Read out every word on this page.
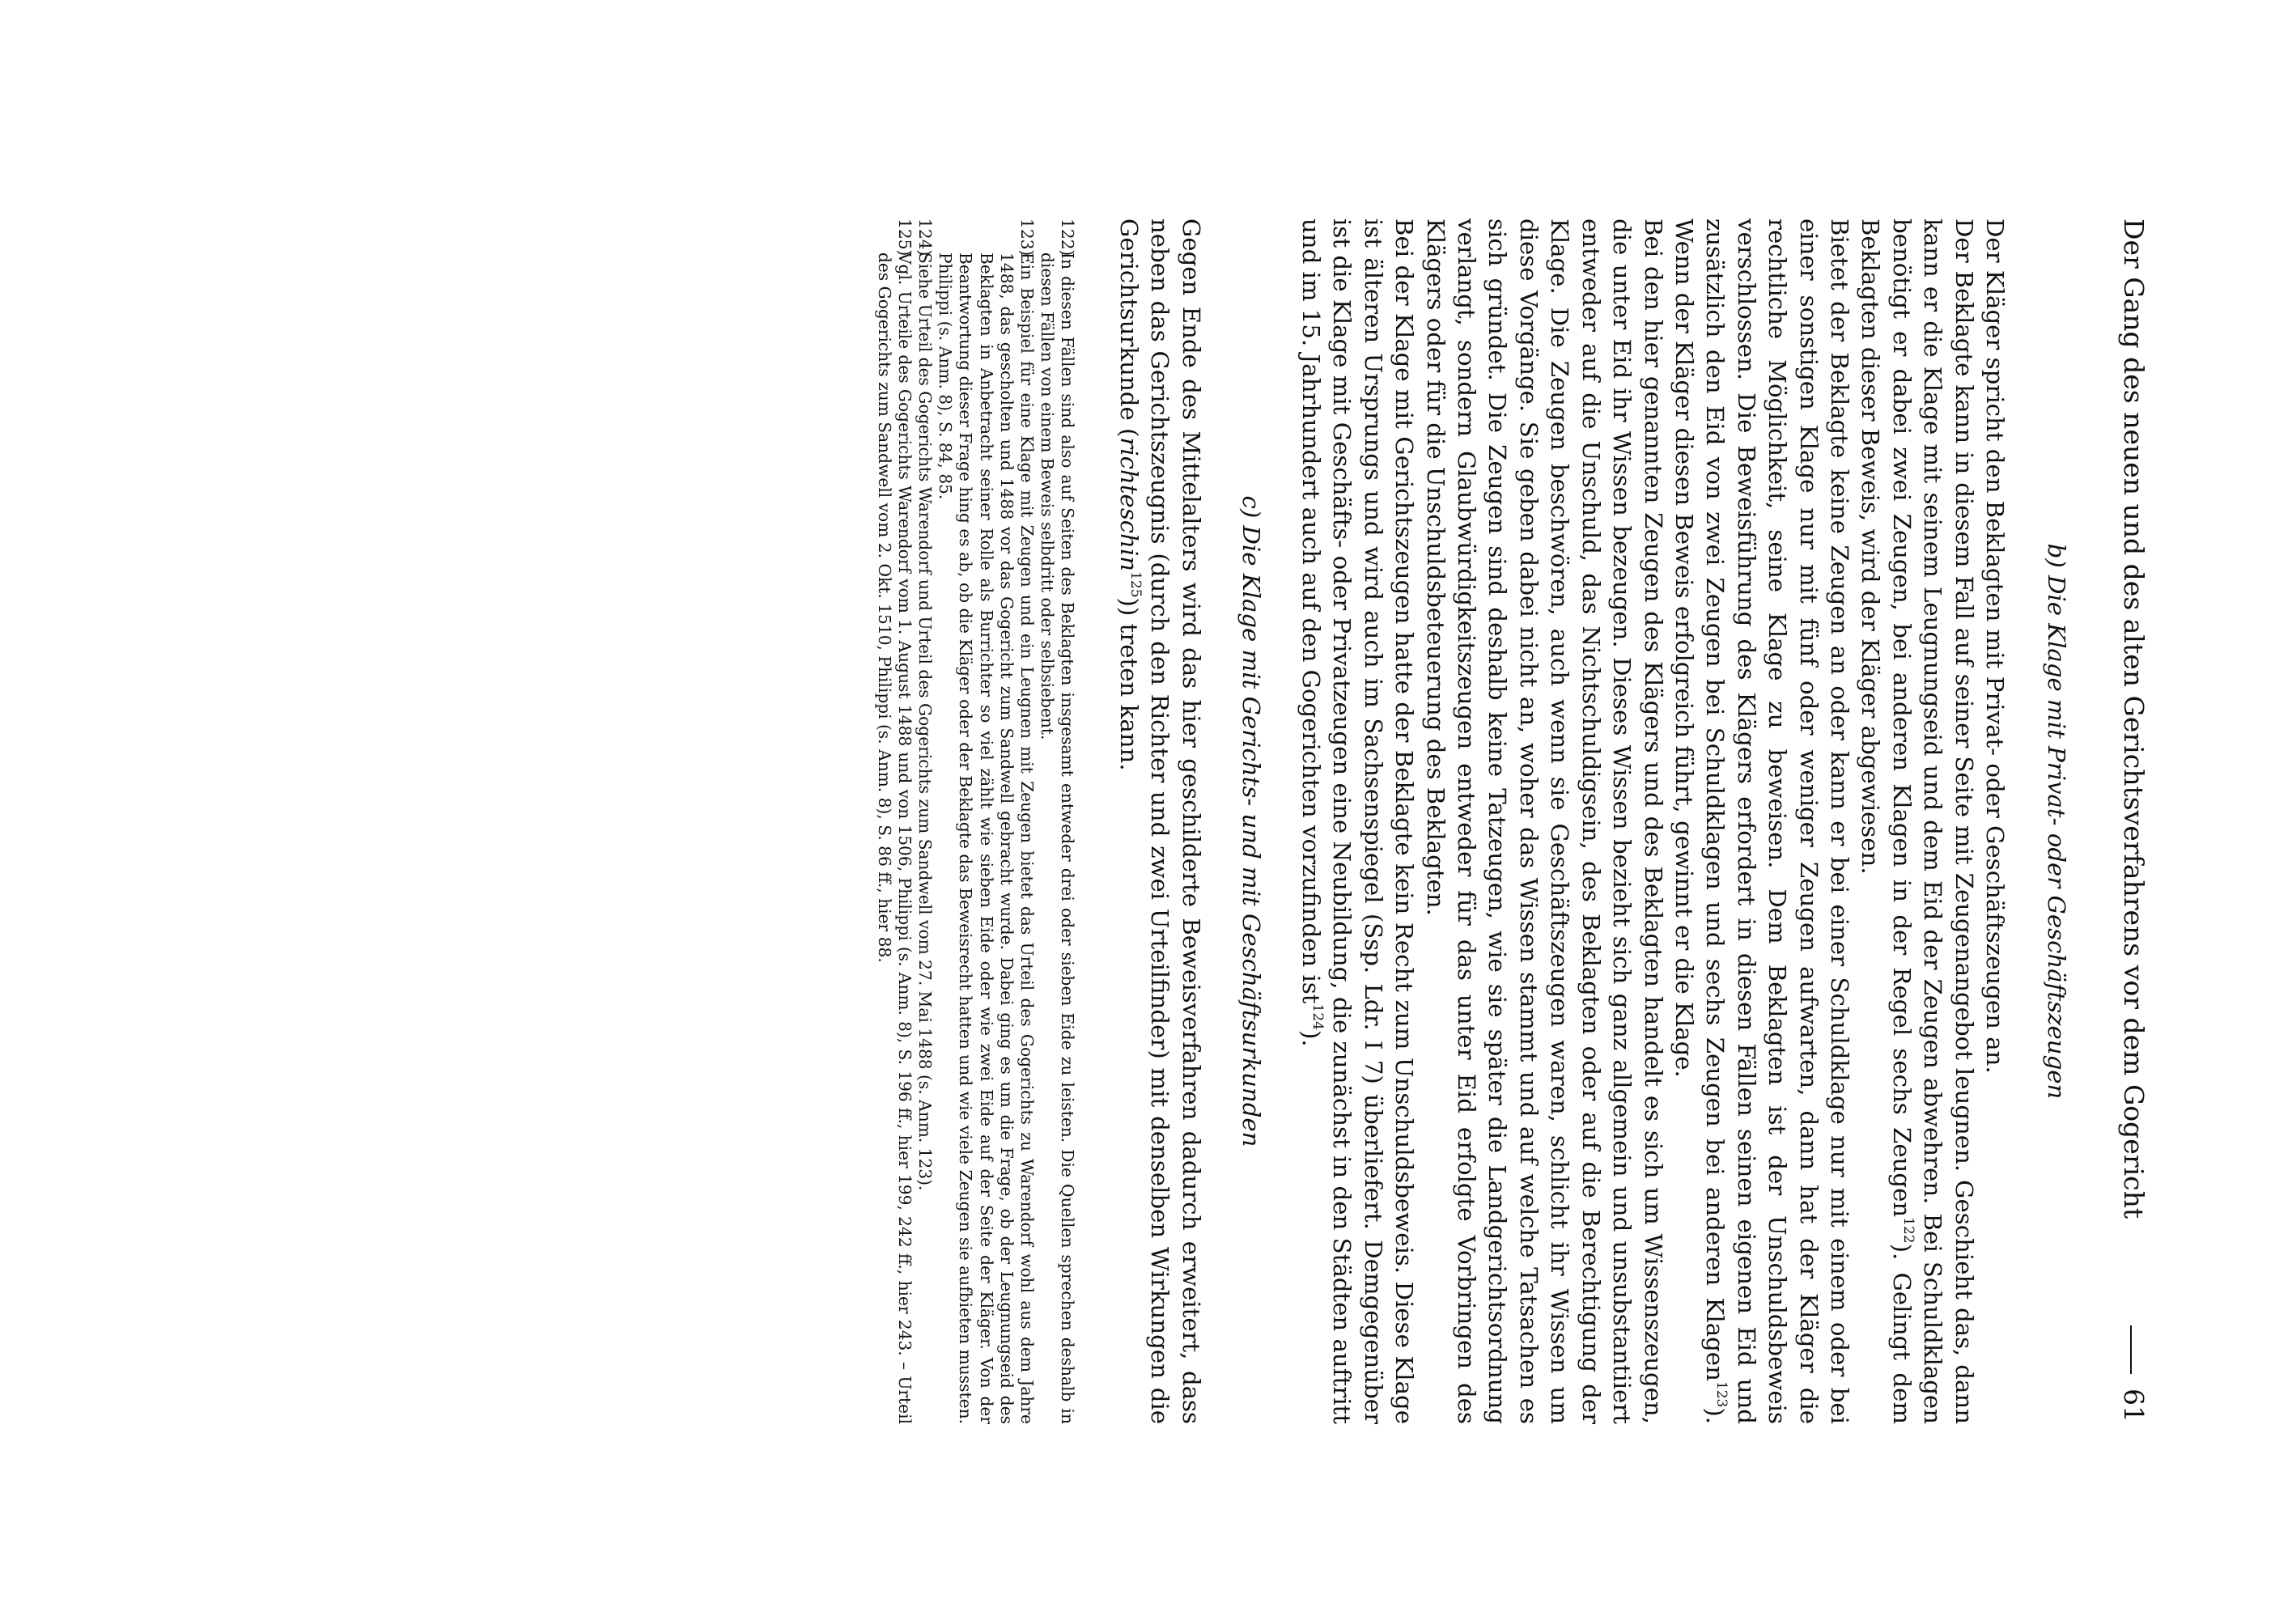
Der Gang des neuen und des alten Gerichtsverfahrens vor dem Gogericht
61

b) Die Klage mit Privat- oder Geschäftszeugen

Der Kläger spricht den Beklagten mit Privat- oder Geschäftszeugen an.

Der Beklagte kann in diesem Fall auf seiner Seite mit Zeugenangebot leugnen. Geschieht das, dann kann er die Klage mit seinem Leugnungseid und dem Eid der Zeugen abwehren. Bei Schuldklagen benötigt er dabei zwei Zeugen, bei anderen Klagen in der Regel sechs Zeugen$^{122}$). Gelingt dem Beklagten dieser Beweis, wird der Kläger abgewiesen.

Bietet der Beklagte keine Zeugen an oder kann er bei einer Schuldklage nur mit einem oder bei einer sonstigen Klage nur mit fünf oder weniger Zeugen aufwarten, dann hat der Kläger die rechtliche Möglichkeit, seine Klage zu beweisen. Dem Beklagten ist der Unschuldsbeweis verschlossen. Die Beweisführung des Klägers erfordert in diesen Fällen seinen eigenen Eid und zusätzlich den Eid von zwei Zeugen bei Schuldklagen und sechs Zeugen bei anderen Klagen$^{123}$). Wenn der Kläger diesen Beweis erfolgreich führt, gewinnt er die Klage.

Bei den hier genannten Zeugen des Klägers und des Beklagten handelt es sich um Wissenszeugen, die unter Eid ihr Wissen bezeugen. Dieses Wissen bezieht sich ganz allgemein und unsubstantiiert entweder auf die Unschuld, das Nichtschuldigsein, des Beklagten oder auf die Berechtigung der Klage. Die Zeugen beschwören, auch wenn sie Geschäftszeugen waren, schlicht ihr Wissen um diese Vorgänge. Sie geben dabei nicht an, woher das Wissen stammt und auf welche Tatsachen es sich gründet. Die Zeugen sind deshalb keine Tatzeugen, wie sie später die Landgerichtsordnung verlangt, sondern Glaubwürdigkeitszeugen entweder für das unter Eid erfolgte Vorbringen des Klägers oder für die Unschuldsbeteuerung des Beklagten.

Bei der Klage mit Gerichtszeugen hatte der Beklagte kein Recht zum Unschuldsbeweis. Diese Klage ist älteren Ursprungs und wird auch im Sachsenspiegel (Ssp. Ldr. I 7) überliefert. Demgegenüber ist die Klage mit Geschäfts- oder Privatzeugen eine Neubildung, die zunächst in den Städten auftritt und im 15. Jahrhundert auch auf den Gogerichten vorzufinden ist$^{124}$).

c) Die Klage mit Gerichts- und mit Geschäftsurkunden

Gegen Ende des Mittelalters wird das hier geschilderte Beweisverfahren dadurch erweitert, dass neben das Gerichtszeugnis (durch den Richter und zwei Urteilfinder) mit denselben Wirkungen die Gerichtsurkunde (richteschin$^{125}$)) treten kann.

122)
In diesen Fällen sind also auf Seiten des Beklagten insgesamt entweder drei oder sieben Eide zu leisten. Die Quellen sprechen deshalb in diesen Fällen von einem Beweis selbdritt oder selbsiebent.

123)
Ein Beispiel für eine Klage mit Zeugen und ein Leugnen mit Zeugen bietet das Urteil des Gogerichts zu Warendorf wohl aus dem Jahre 1488, das gescholten und 1488 vor das Gogericht zum Sandwell gebracht wurde. Dabei ging es um die Frage, ob der Leugnungseid des Beklagten in Anbetracht seiner Rolle als Burrichter so viel zählt wie sieben Eide oder wie zwei Eide auf der Seite der Kläger. Von der Beantwortung dieser Frage hing es ab, ob die Kläger oder der Beklagte das Beweisrecht hatten und wie viele Zeugen sie aufbieten mussten. Philippi (s. Anm. 8), S. 84, 85.

124)
Siehe Urteil des Gogerichts Warendorf und Urteil des Gogerichts zum Sandwell vom 27. Mai 1488 (s. Anm. 123).

125)
Vgl. Urteile des Gogerichts Warendorf vom 1. August 1488 und von 1506, Philippi (s. Anm. 8), S. 196 ff., hier 199, 242 ff., hier 243. – Urteil des Gogerichts zum Sandwell vom 2. Okt. 1510, Philippi (s. Anm. 8), S. 86 ff., hier 88.
